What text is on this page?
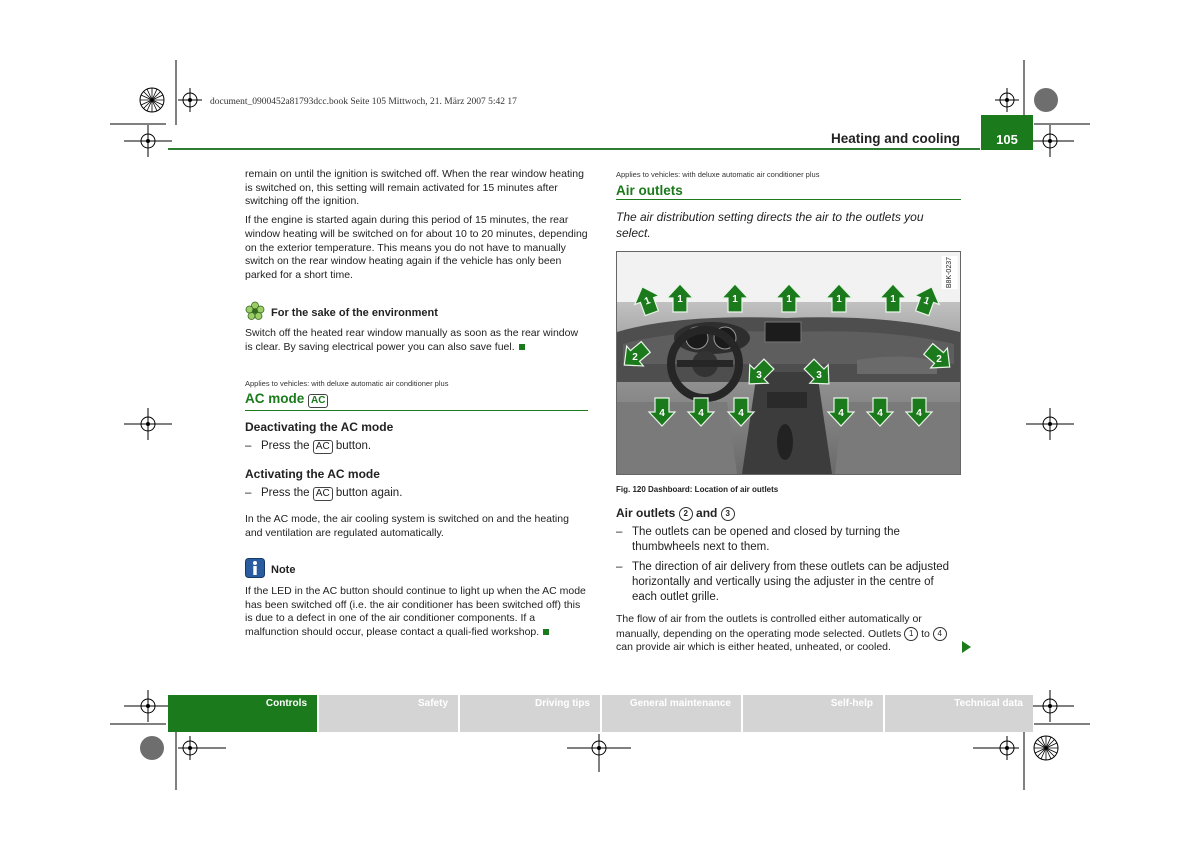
document_0900452a81793dcc.book Seite 105 Mittwoch, 21. März 2007 5:42 17
Heating and cooling	105

remain on until the ignition is switched off. When the rear window heating is switched on, this setting will remain activated for 15 minutes after switching off the ignition.

If the engine is started again during this period of 15 minutes, the rear window heating will be switched on for about 10 to 20 minutes, depending on the exterior temperature. This means you do not have to manually switch on the rear window heating again if the vehicle has only been parked for a short time.

For the sake of the environment

Switch off the heated rear window manually as soon as the rear window is clear. By saving electrical power you can also save fuel.

Applies to vehicles: with deluxe automatic air conditioner plus
AC mode AC
Deactivating the AC mode
– Press the AC button.
Activating the AC mode
– Press the AC button again.

In the AC mode, the air cooling system is switched on and the heating and ventilation are regulated automatically.

Note

If the LED in the AC button should continue to light up when the AC mode has been switched off (i.e. the air conditioner has been switched off) this is due to a defect in one of the air conditioner components. If a malfunction should occur, please contact a quali-fied workshop.

Applies to vehicles: with deluxe automatic air conditioner plus
Air outlets

The air distribution setting directs the air to the outlets you select.

1	1	1	1	1	1	1
2	2
3	3
4	4	4	4	4	4
B8K-0237
Fig. 120 Dashboard: Location of air outlets
Air outlets 2 and 3
– The outlets can be opened and closed by turning the thumbwheels next to them.
– The direction of air delivery from these outlets can be adjusted horizontally and vertically using the adjuster in the centre of each outlet grille.

The flow of air from the outlets is controlled either automatically or manually, depending on the operating mode selected. Outlets 1 to 4 can provide air which is either heated, unheated, or cooled.

Controls	Safety	Driving tips	General maintenance	Self-help	Technical data
